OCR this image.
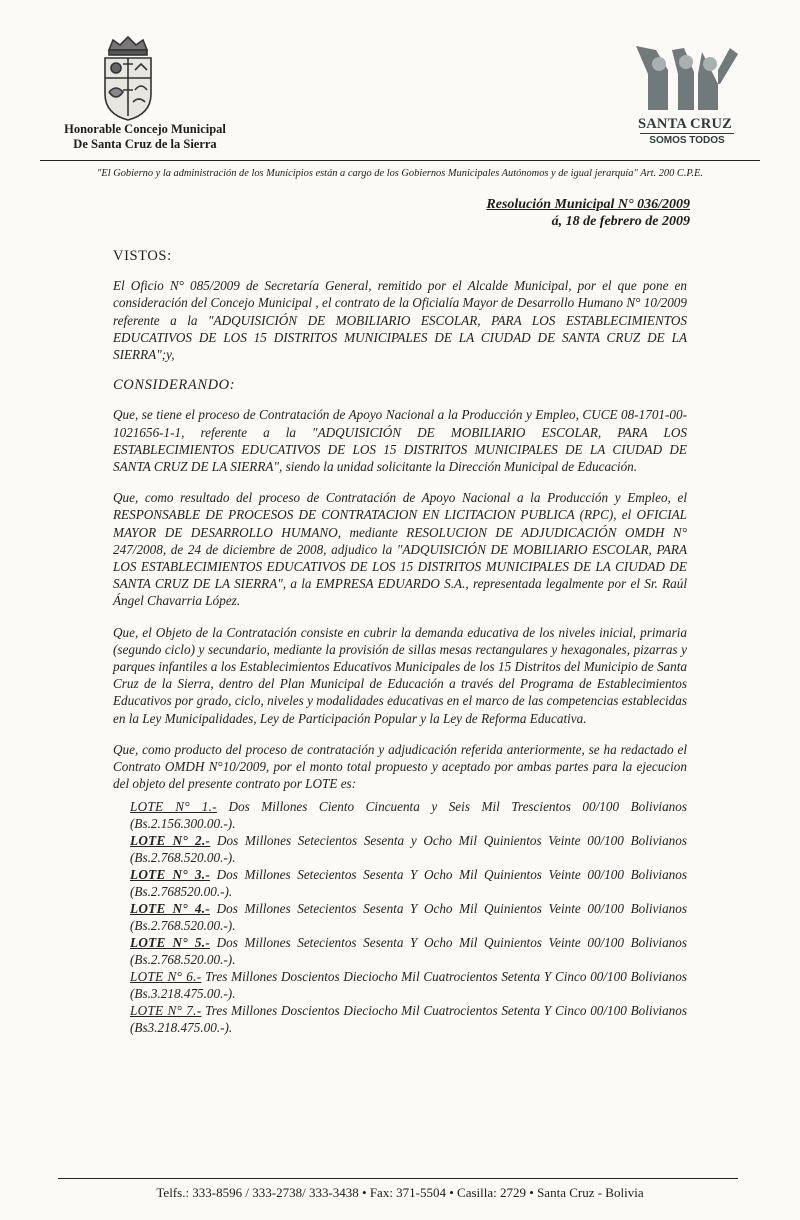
Honorable Concejo Municipal
De Santa Cruz de la Sierra
SANTA CRUZ
SOMOS TODOS
"El Gobierno y la administración de los Municipios están a cargo de los Gobiernos Municipales Autónomos y de igual jerarquía" Art. 200 C.P.E.
Resolución Municipal N° 036/2009
á, 18 de febrero de 2009
VISTOS:

El Oficio N° 085/2009 de Secretaría General, remitido por el Alcalde Municipal, por el que pone en consideración del Concejo Municipal , el contrato de la Oficialía Mayor de Desarrollo Humano N° 10/2009 referente a la "ADQUISICIÓN DE MOBILIARIO ESCOLAR, PARA LOS ESTABLECIMIENTOS EDUCATIVOS DE LOS 15 DISTRITOS MUNICIPALES DE LA CIUDAD DE SANTA CRUZ DE LA SIERRA";y,

CONSIDERANDO:

Que, se tiene el proceso de Contratación de Apoyo Nacional a la Producción y Empleo, CUCE 08-1701-00-1021656-1-1, referente a la "ADQUISICIÓN DE MOBILIARIO ESCOLAR, PARA LOS ESTABLECIMIENTOS EDUCATIVOS DE LOS 15 DISTRITOS MUNICIPALES DE LA CIUDAD DE SANTA CRUZ DE LA SIERRA", siendo la unidad solicitante la Dirección Municipal de Educación.

Que, como resultado del proceso de Contratación de Apoyo Nacional a la Producción y Empleo, el RESPONSABLE DE PROCESOS DE CONTRATACION EN LICITACION PUBLICA (RPC), el OFICIAL MAYOR DE DESARROLLO HUMANO, mediante RESOLUCION DE ADJUDICACIÓN OMDH N° 247/2008, de 24 de diciembre de 2008, adjudico la "ADQUISICIÓN DE MOBILIARIO ESCOLAR, PARA LOS ESTABLECIMIENTOS EDUCATIVOS DE LOS 15 DISTRITOS MUNICIPALES DE LA CIUDAD DE SANTA CRUZ DE LA SIERRA", a la EMPRESA EDUARDO S.A., representada legalmente por el Sr. Raúl Ángel Chavarria López.

Que, el Objeto de la Contratación consiste en cubrir la demanda educativa de los niveles inicial, primaria (segundo ciclo) y secundario, mediante la provisión de sillas mesas rectangulares y hexagonales, pizarras y parques infantiles a los Establecimientos Educativos Municipales de los 15 Distritos del Municipio de Santa Cruz de la Sierra, dentro del Plan Municipal de Educación a través del Programa de Establecimientos Educativos por grado, ciclo, niveles y modalidades educativas en el marco de las competencias establecidas en la Ley Municipalidades, Ley de Participación Popular y la Ley de Reforma Educativa.

Que, como producto del proceso de contratación y adjudicación referida anteriormente, se ha redactado el Contrato OMDH N°10/2009, por el monto total propuesto y aceptado por ambas partes para la ejecucion del objeto del presente contrato por LOTE es:

LOTE N° 1.- Dos Millones Ciento Cincuenta y Seis Mil Trescientos 00/100 Bolivianos (Bs.2.156.300.00.-).

LOTE N° 2.- Dos Millones Setecientos Sesenta y Ocho Mil Quinientos Veinte 00/100 Bolivianos (Bs.2.768.520.00.-).

LOTE N° 3.- Dos Millones Setecientos Sesenta Y Ocho Mil Quinientos Veinte 00/100 Bolivianos (Bs.2.768520.00.-).

LOTE N° 4.- Dos Millones Setecientos Sesenta Y Ocho Mil Quinientos Veinte 00/100 Bolivianos (Bs.2.768.520.00.-).

LOTE N° 5.- Dos Millones Setecientos Sesenta Y Ocho Mil Quinientos Veinte 00/100 Bolivianos (Bs.2.768.520.00.-).

LOTE N° 6.- Tres Millones Doscientos Dieciocho Mil Cuatrocientos Setenta Y Cinco 00/100 Bolivianos (Bs.3.218.475.00.-).

LOTE N° 7.- Tres Millones Doscientos Dieciocho Mil Cuatrocientos Setenta Y Cinco 00/100 Bolivianos (Bs3.218.475.00.-).

Telfs.: 333-8596 / 333-2738/ 333-3438 • Fax: 371-5504 • Casilla: 2729 • Santa Cruz - Bolivia
